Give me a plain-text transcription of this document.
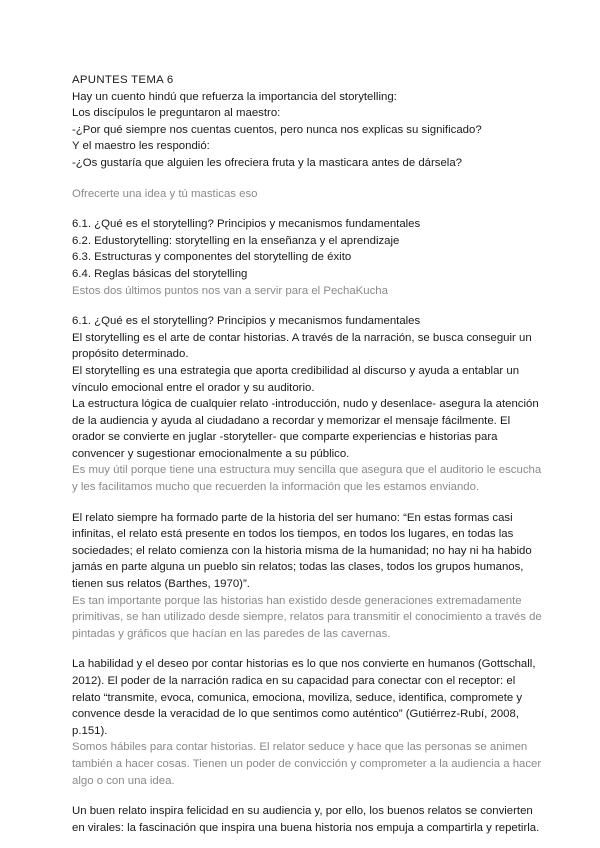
APUNTES TEMA 6

Hay un cuento hindú que refuerza la importancia del storytelling:

Los discípulos le preguntaron al maestro:

-¿Por qué siempre nos cuentas cuentos, pero nunca nos explicas su significado?

Y el maestro les respondió:

-¿Os gustaría que alguien les ofreciera fruta y la masticara antes de dársela?

Ofrecerte una idea y tú masticas eso

6.1. ¿Qué es el storytelling? Principios y mecanismos fundamentales

6.2. Edustorytelling: storytelling en la enseñanza y el aprendizaje

6.3. Estructuras y componentes del storytelling de éxito

6.4. Reglas básicas del storytelling

Estos dos últimos puntos nos van a servir para el PechaKucha

6.1. ¿Qué es el storytelling? Principios y mecanismos fundamentales

El storytelling es el arte de contar historias. A través de la narración, se busca conseguir un propósito determinado.

El storytelling es una estrategia que aporta credibilidad al discurso y ayuda a entablar un vínculo emocional entre el orador y su auditorio.

La estructura lógica de cualquier relato -introducción, nudo y desenlace- asegura la atención de la audiencia y ayuda al ciudadano a recordar y memorizar el mensaje fácilmente. El orador se convierte en juglar -storyteller- que comparte experiencias e historias para convencer y sugestionar emocionalmente a su público.

Es muy útil porque tiene una estructura muy sencilla que asegura que el auditorio le escucha y les facilitamos mucho que recuerden la información que les estamos enviando.

El relato siempre ha formado parte de la historia del ser humano: “En estas formas casi infinitas, el relato está presente en todos los tiempos, en todos los lugares, en todas las sociedades; el relato comienza con la historia misma de la humanidad; no hay ni ha habido jamás en parte alguna un pueblo sin relatos; todas las clases, todos los grupos humanos, tienen sus relatos (Barthes, 1970)”.

Es tan importante porque las historias han existido desde generaciones extremadamente primitivas, se han utilizado desde siempre, relatos para transmitir el conocimiento a través de pintadas y gráficos que hacían en las paredes de las cavernas.

La habilidad y el deseo por contar historias es lo que nos convierte en humanos (Gottschall, 2012). El poder de la narración radica en su capacidad para conectar con el receptor: el relato “transmite, evoca, comunica, emociona, moviliza, seduce, identifica, compromete y convence desde la veracidad de lo que sentimos como auténtico” (Gutiérrez-Rubí, 2008, p.151).

Somos hábiles para contar historias. El relator seduce y hace que las personas se animen también a hacer cosas. Tienen un poder de convicción y comprometer a la audiencia a hacer algo o con una idea.

Un buen relato inspira felicidad en su audiencia y, por ello, los buenos relatos se convierten en virales: la fascinación que inspira una buena historia nos empuja a compartirla y repetirla.
